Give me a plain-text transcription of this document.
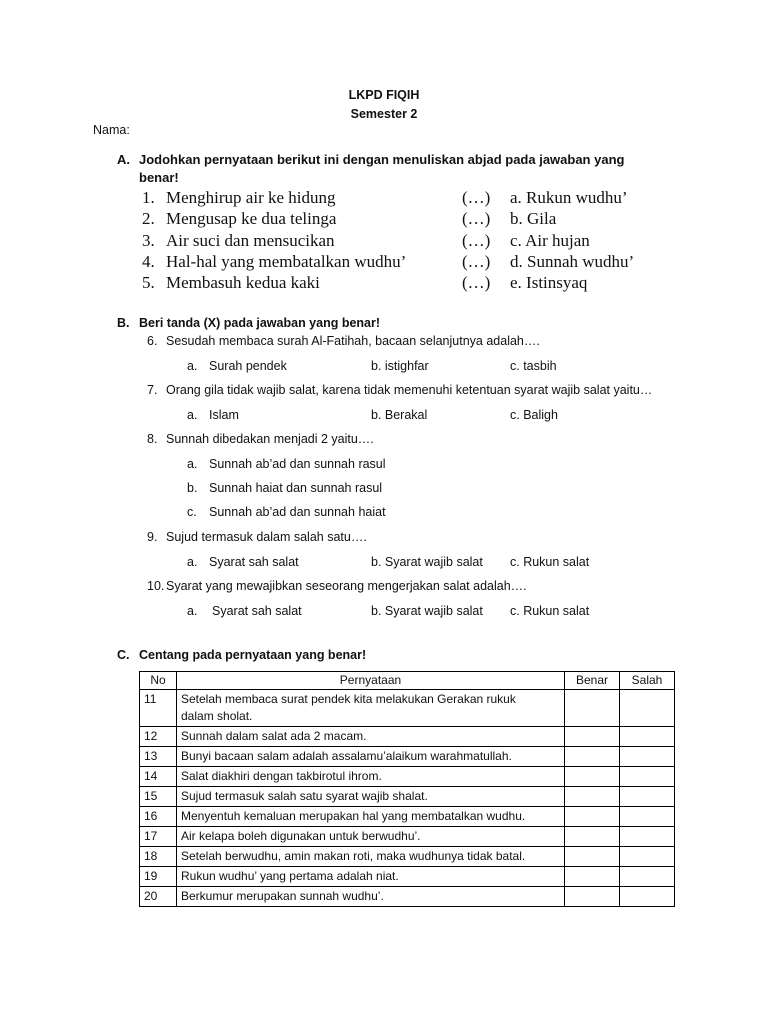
LKPD FIQIH
Semester 2
Nama:
A. Jodohkan pernyataan berikut ini dengan menuliskan abjad pada jawaban yang
benar!
1. Menghirup air ke hidung	(…) a. Rukun wudhu’
2. Mengusap ke dua telinga	(…) b. Gila
3. Air suci dan mensucikan	(…) c. Air hujan
4. Hal-hal yang membatalkan wudhu’	(…) d. Sunnah wudhu’
5. Membasuh kedua kaki	(…) e. Istinsyaq
B. Beri tanda (X) pada jawaban yang benar!
6. Sesudah membaca surah Al-Fatihah, bacaan selanjutnya adalah….
a. Surah pendek	b. istighfar	c. tasbih
7. Orang gila tidak wajib salat, karena tidak memenuhi ketentuan syarat wajib salat yaitu…
a. Islam	b. Berakal	c. Baligh
8. Sunnah dibedakan menjadi 2 yaitu….
a. Sunnah ab’ad dan sunnah rasul
b. Sunnah haiat dan sunnah rasul
c. Sunnah ab’ad dan sunnah haiat
9. Sujud termasuk dalam salah satu….
a. Syarat sah salat	b. Syarat wajib salat c. Rukun salat
10. Syarat yang mewajibkan seseorang mengerjakan salat adalah….
a. Syarat sah salat	b. Syarat wajib salat c. Rukun salat
C. Centang pada pernyataan yang benar!
No	Pernyataan	Benar	Salah
11	Setelah membaca surat pendek kita melakukan Gerakan rukuk
dalam sholat.		
12	Sunnah dalam salat ada 2 macam.		
13	Bunyi bacaan salam adalah assalamu’alaikum warahmatullah.		
14	Salat diakhiri dengan takbirotul ihrom.		
15	Sujud termasuk salah satu syarat wajib shalat.		
16	Menyentuh kemaluan merupakan hal yang membatalkan wudhu.		
17	Air kelapa boleh digunakan untuk berwudhu’.		
18	Setelah berwudhu, amin makan roti, maka wudhunya tidak batal.		
19	Rukun wudhu’ yang pertama adalah niat.		
20	Berkumur merupakan sunnah wudhu’.		
